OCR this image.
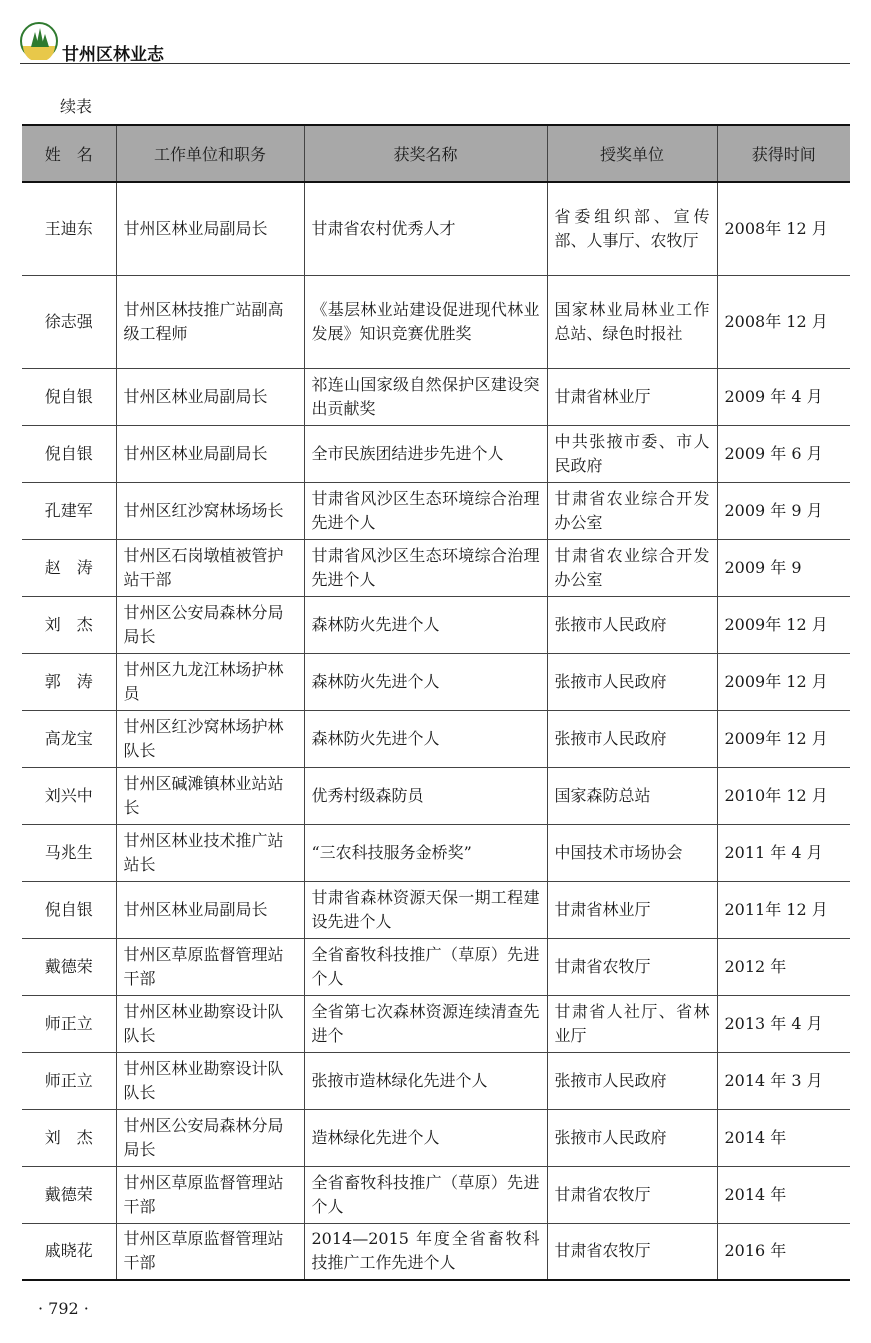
甘州区林业志
续表
姓　名	工作单位和职务	获奖名称	授奖单位	获得时间
王迪东	甘州区林业局副局长	甘肃省农村优秀人才	省委组织部、宣传部、人事厅、农牧厅	2008年 12 月
徐志强	甘州区林技推广站副高级工程师	《基层林业站建设促进现代林业发展》知识竞赛优胜奖	国家林业局林业工作总站、绿色时报社	2008年 12 月
倪自银	甘州区林业局副局长	祁连山国家级自然保护区建设突出贡献奖	甘肃省林业厅	2009 年 4 月
倪自银	甘州区林业局副局长	全市民族团结进步先进个人	中共张掖市委、市人民政府	2009 年 6 月
孔建军	甘州区红沙窝林场场长	甘肃省风沙区生态环境综合治理先进个人	甘肃省农业综合开发办公室	2009 年 9 月
赵　涛	甘州区石岗墩植被管护站干部	甘肃省风沙区生态环境综合治理先进个人	甘肃省农业综合开发办公室	2009 年 9
刘　杰	甘州区公安局森林分局局长	森林防火先进个人	张掖市人民政府	2009年 12 月
郭　涛	甘州区九龙江林场护林员	森林防火先进个人	张掖市人民政府	2009年 12 月
高龙宝	甘州区红沙窝林场护林队长	森林防火先进个人	张掖市人民政府	2009年 12 月
刘兴中	甘州区碱滩镇林业站站长	优秀村级森防员	国家森防总站	2010年 12 月
马兆生	甘州区林业技术推广站站长	“三农科技服务金桥奖”	中国技术市场协会	2011 年 4 月
倪自银	甘州区林业局副局长	甘肃省森林资源天保一期工程建设先进个人	甘肃省林业厅	2011年 12 月
戴德荣	甘州区草原监督管理站干部	全省畜牧科技推广（草原）先进个人	甘肃省农牧厅	2012 年
师正立	甘州区林业勘察设计队队长	全省第七次森林资源连续清查先进个	甘肃省人社厅、省林业厅	2013 年 4 月
师正立	甘州区林业勘察设计队队长	张掖市造林绿化先进个人	张掖市人民政府	2014 年 3 月
刘　杰	甘州区公安局森林分局局长	造林绿化先进个人	张掖市人民政府	2014 年
戴德荣	甘州区草原监督管理站干部	全省畜牧科技推广（草原）先进个人	甘肃省农牧厅	2014 年
戚晓花	甘州区草原监督管理站干部	2014—2015 年度全省畜牧科技推广工作先进个人	甘肃省农牧厅	2016 年
· 792 ·
